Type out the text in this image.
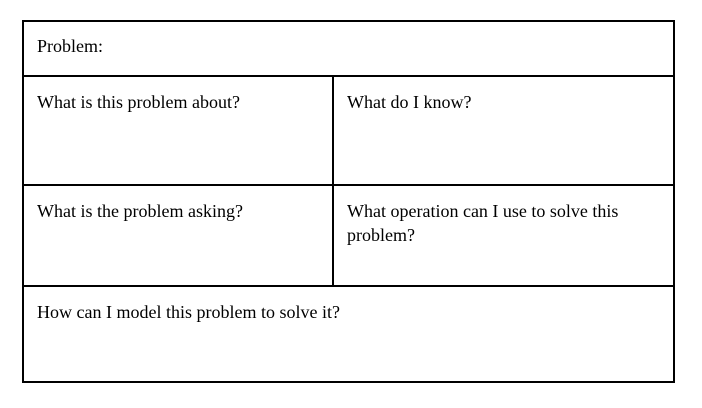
Problem:
What is this problem about?	What do I know?
What is the problem asking?	What operation can I use to solve this problem?
How can I model this problem to solve it?
